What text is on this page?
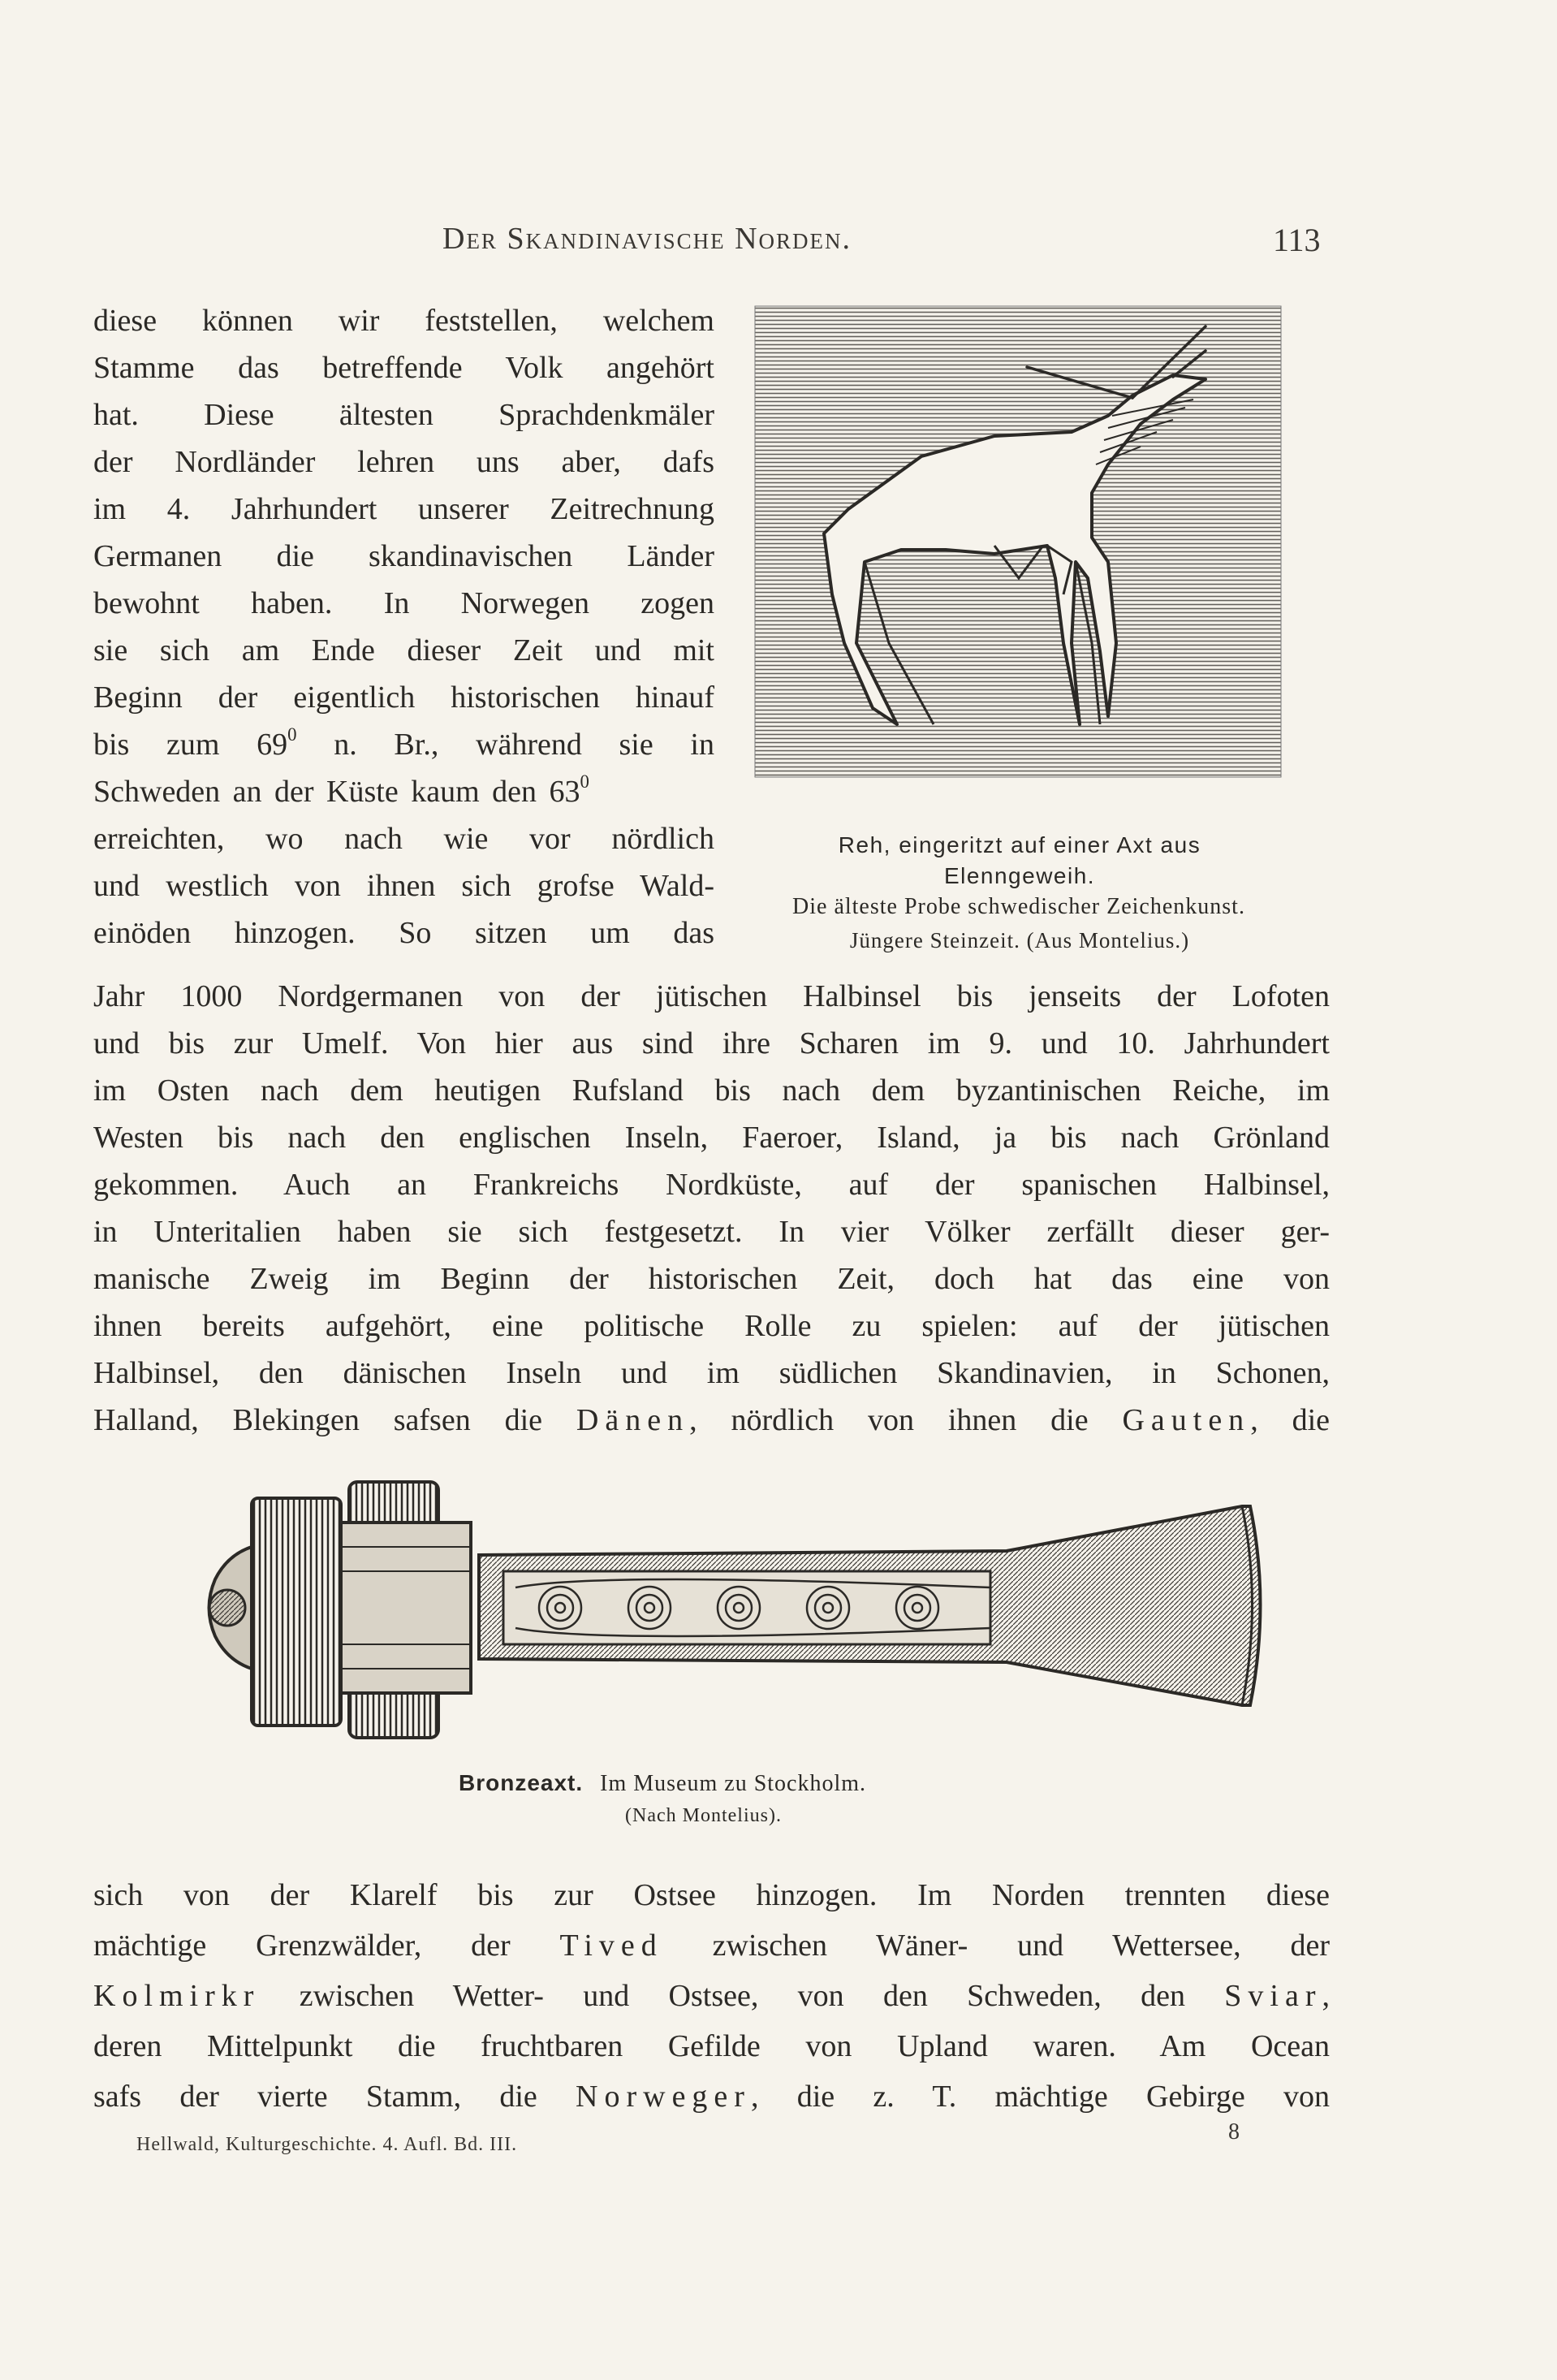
Der Skandinavische Norden.	113
diese können wir feststellen, welchem
Stamme das betreffende Volk angehört
hat. Diese ältesten Sprachdenkmäler
der Nordländer lehren uns aber, dafs
im 4. Jahrhundert unserer Zeitrechnung
Germanen die skandinavischen Länder
bewohnt haben. In Norwegen zogen
sie sich am Ende dieser Zeit und mit
Beginn der eigentlich historischen hinauf
bis zum $69^0$ n. Br., während sie in
Schweden an der Küste kaum den $63^0$
erreichten, wo nach wie vor nördlich
und westlich von ihnen sich grofse Wald-
einöden hinzogen. So sitzen um das
Reh, eingeritzt auf einer Axt aus
Elenngeweih.
Die älteste Probe schwedischer Zeichenkunst.
Jüngere Steinzeit. (Aus Montelius.)
Jahr 1000 Nordgermanen von der jütischen Halbinsel bis jenseits der Lofoten
und bis zur Umelf. Von hier aus sind ihre Scharen im 9. und 10. Jahrhundert
im Osten nach dem heutigen Rufsland bis nach dem byzantinischen Reiche, im
Westen bis nach den englischen Inseln, Faeroer, Island, ja bis nach Grönland
gekommen. Auch an Frankreichs Nordküste, auf der spanischen Halbinsel,
in Unteritalien haben sie sich festgesetzt. In vier Völker zerfällt dieser ger-
manische Zweig im Beginn der historischen Zeit, doch hat das eine von
ihnen bereits aufgehört, eine politische Rolle zu spielen: auf der jütischen
Halbinsel, den dänischen Inseln und im südlichen Skandinavien, in Schonen,
Halland, Blekingen safsen die Dänen, nördlich von ihnen die Gauten, die
Bronzeaxt. Im Museum zu Stockholm.
(Nach Montelius).
sich von der Klarelf bis zur Ostsee hinzogen. Im Norden trennten diese
mächtige Grenzwälder, der Tived zwischen Wäner- und Wettersee, der
Kolmirkr zwischen Wetter- und Ostsee, von den Schweden, den Sviar,
deren Mittelpunkt die fruchtbaren Gefilde von Upland waren. Am Ocean
safs der vierte Stamm, die Norweger, die z. T. mächtige Gebirge von
Hellwald, Kulturgeschichte. 4. Aufl. Bd. III.	8
